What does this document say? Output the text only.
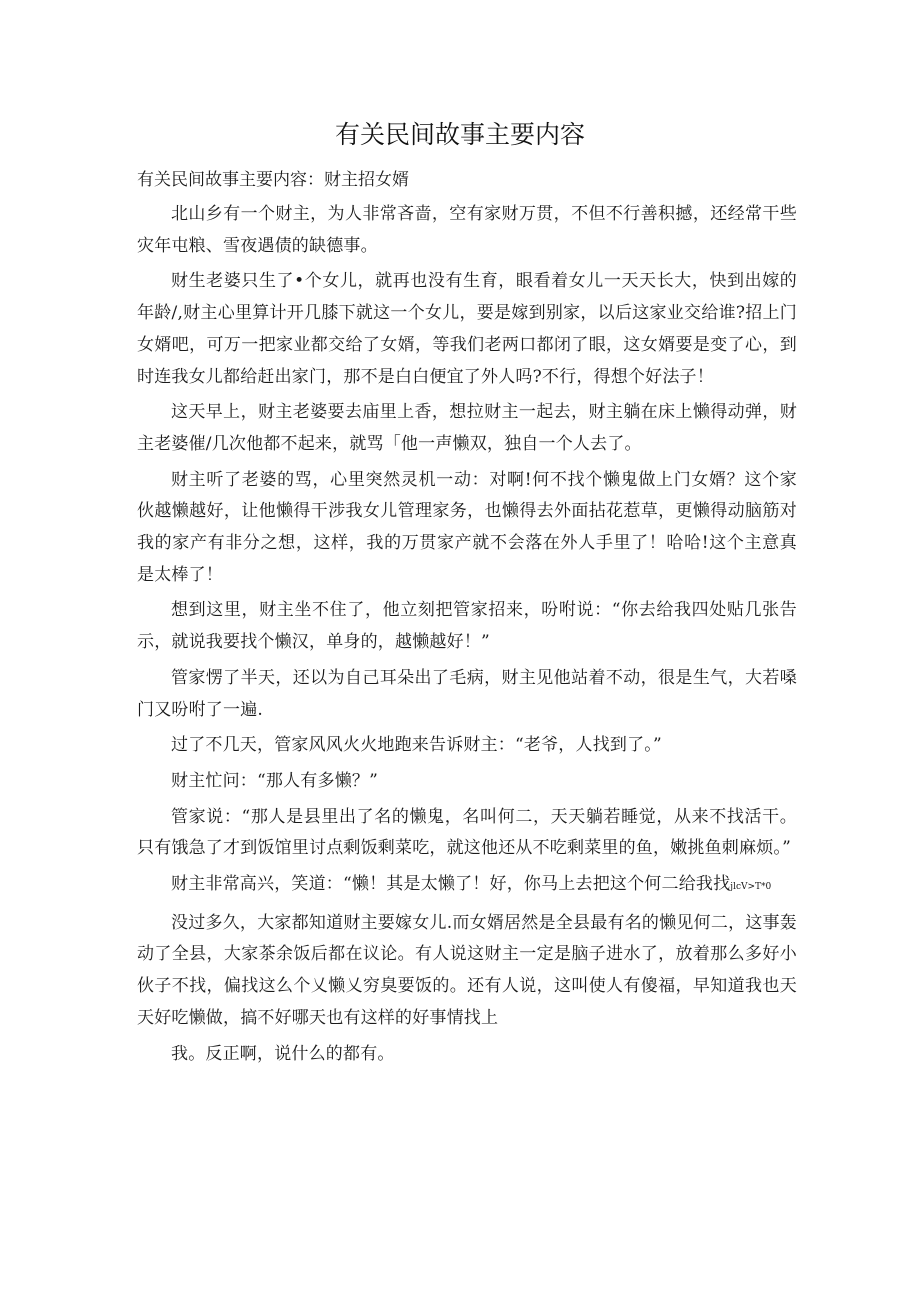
有关民间故事主要内容
有关民间故事主要内容：财主招女婿

北山乡有一个财主，为人非常吝啬，空有家财万贯，不但不行善积撼，还经常干些灾年屯粮、雪夜遇债的缺德事。

财生老婆只生了•个女儿，就再也没有生育，眼看着女儿一天天长大，快到出嫁的年龄/,财主心里算计开几膝下就这一个女儿，要是嫁到别家，以后这家业交给谁?招上门女婿吧，可万一把家业都交给了女婿，等我们老两口都闭了眼，这女婿要是变了心，到时连我女儿都给赶出家门，那不是白白便宜了外人吗?不行，得想个好法子！

这天早上，财主老婆要去庙里上香，想拉财主一起去，财主躺在床上懒得动弹，财主老婆催/几次他都不起来，就骂「他一声懒双，独自一个人去了。

财主听了老婆的骂，心里突然灵机一动：对啊!何不找个懒鬼做上门女婿？这个家伙越懒越好，让他懒得干涉我女儿管理家务，也懒得去外面拈花惹草，更懒得动脑筋对我的家产有非分之想，这样，我的万贯家产就不会落在外人手里了！哈哈!这个主意真是太棒了！

想到这里，财主坐不住了，他立刻把管家招来，吩咐说：“你去给我四处贴几张告示，就说我要找个懒汉，单身的，越懒越好！”

管家愣了半天，还以为自己耳朵出了毛病，财主见他站着不动，很是生气，大若嗓门又吩咐了一遍.

过了不几天，管家风风火火地跑来告诉财主：“老爷，人找到了。”

财主忙问：“那人有多懒？”

管家说：“那人是县里出了名的懒鬼，名叫何二，天天躺若睡觉，从来不找活干。只有饿急了才到饭馆里讨点剩饭剩菜吃，就这他还从不吃剩菜里的鱼，嫩挑鱼刺麻烦。”

财主非常高兴，笑道：“懒！其是太懒了！好，你马上去把这个何二给我找jlcV>T*0

没过多久，大家都知道财主要嫁女儿.而女婿居然是全县最有名的懒见何二，这事轰动了全县，大家茶余饭后都在议论。有人说这财主一定是脑子进水了，放着那么多好小伙子不找，偏找这么个乂懒乂穷臭要饭的。还有人说，这叫使人有傻福，早知道我也天天好吃懒做，搞不好哪天也有这样的好事情找上

我。反正啊，说什么的都有。
